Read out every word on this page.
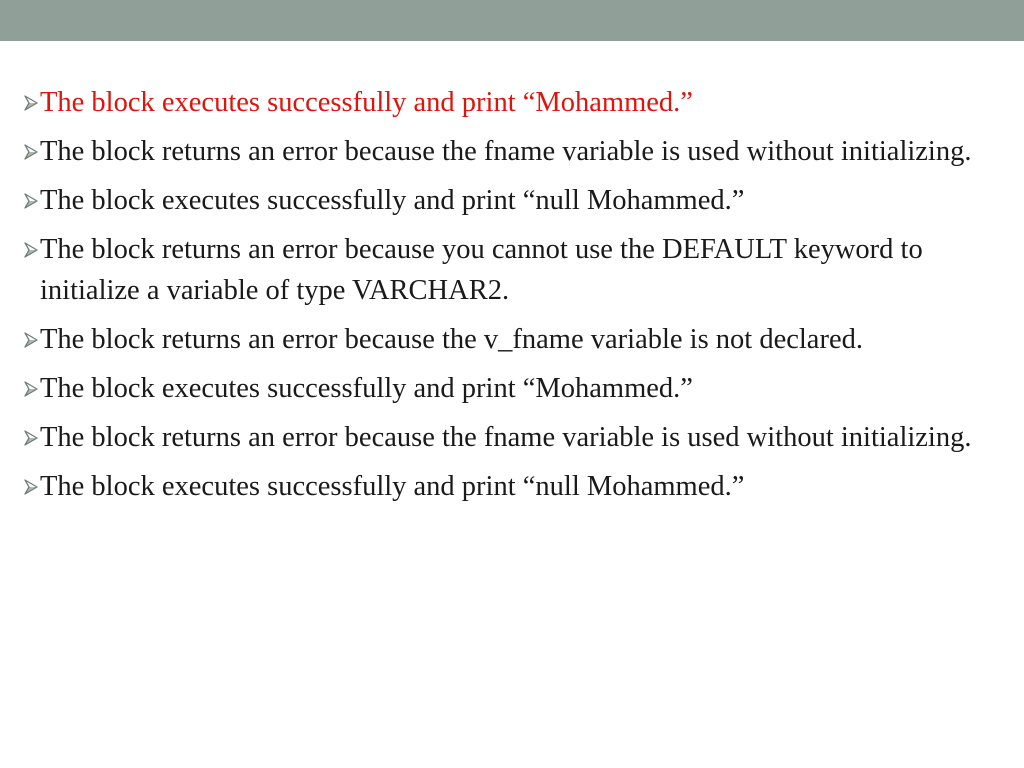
The block executes successfully and print “Mohammed.”
The block returns an error because the fname variable is used without initializing.
The block executes successfully and print “null Mohammed.”
The block returns an error because you cannot use the DEFAULT keyword to initialize a variable of type VARCHAR2.
The block returns an error because the v_fname variable is not declared.
The block executes successfully and print “Mohammed.”
The block returns an error because the fname variable is used without initializing.
The block executes successfully and print “null Mohammed.”
